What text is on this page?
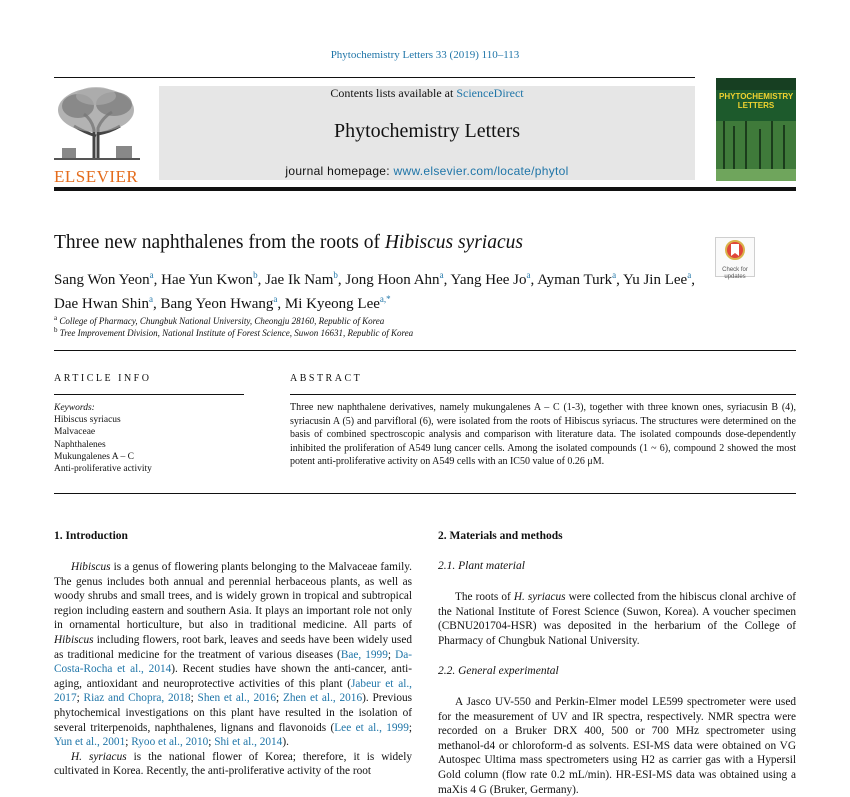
Phytochemistry Letters 33 (2019) 110–113
ELSEVIER
Contents lists available at ScienceDirect
Phytochemistry Letters
journal homepage: www.elsevier.com/locate/phytol
PHYTOCHEMISTRY LETTERS
Three new naphthalenes from the roots of Hibiscus syriacus
Check for updates
Sang Won Yeon$^a$, Hae Yun Kwon$^b$, Jae Ik Nam$^b$, Jong Hoon Ahn$^a$, Yang Hee Jo$^a$, Ayman Turk$^a$, Yu Jin Lee$^a$, Dae Hwan Shin$^a$, Bang Yeon Hwang$^a$, Mi Kyeong Lee$^{a,*}$
$^a$ College of Pharmacy, Chungbuk National University, Cheongju 28160, Republic of Korea
$^b$ Tree Improvement Division, National Institute of Forest Science, Suwon 16631, Republic of Korea
ARTICLE INFO
Keywords:
Hibiscus syriacus
Malvaceae
Naphthalenes
Mukungalenes A – C
Anti-proliferative activity
ABSTRACT
Three new naphthalene derivatives, namely mukungalenes A – C (1-3), together with three known ones, syriacusin B (4), syriacusin A (5) and parvifloral (6), were isolated from the roots of Hibiscus syriacus. The structures were determined on the basis of combined spectroscopic analysis and comparison with literature data. The isolated compounds dose-dependently inhibited the proliferation of A549 lung cancer cells. Among the isolated compounds (1 ~ 6), compound 2 showed the most potent anti-proliferative activity on A549 cells with an IC50 value of 0.26 μM.
1. Introduction

Hibiscus is a genus of flowering plants belonging to the Malvaceae family. The genus includes both annual and perennial herbaceous plants, as well as woody shrubs and small trees, and is widely grown in tropical and subtropical region including eastern and southern Asia. It plays an important role not only in ornamental horticulture, but also in traditional medicine. All parts of Hibiscus including flowers, root bark, leaves and seeds have been widely used as traditional medicine for the treatment of various diseases (Bae, 1999; Da-Costa-Rocha et al., 2014). Recent studies have shown the anti-cancer, anti-aging, antioxidant and neuroprotective activities of this plant (Jabeur et al., 2017; Riaz and Chopra, 2018; Shen et al., 2016; Zhen et al., 2016). Previous phytochemical investigations on this plant have resulted in the isolation of several triterpenoids, naphthalenes, lignans and flavonoids (Lee et al., 1999; Yun et al., 2001; Ryoo et al., 2010; Shi et al., 2014).

H. syriacus is the national flower of Korea; therefore, it is widely cultivated in Korea. Recently, the anti-proliferative activity of the root

2. Materials and methods
2.1. Plant material

The roots of H. syriacus were collected from the hibiscus clonal archive of the National Institute of Forest Science (Suwon, Korea). A voucher specimen (CBNU201704-HSR) was deposited in the herbarium of the College of Pharmacy of Chungbuk National University.

2.2. General experimental

A Jasco UV-550 and Perkin-Elmer model LE599 spectrometer were used for the measurement of UV and IR spectra, respectively. NMR spectra were recorded on a Bruker DRX 400, 500 or 700 MHz spectrometer using methanol-d4 or chloroform-d as solvents. ESI-MS data were obtained on VG Autospec Ultima mass spectrometers using H2 as carrier gas with a Hypersil Gold column (flow rate 0.2 mL/min). HR-ESI-MS data was obtained using a maXis 4 G (Bruker, Germany).
